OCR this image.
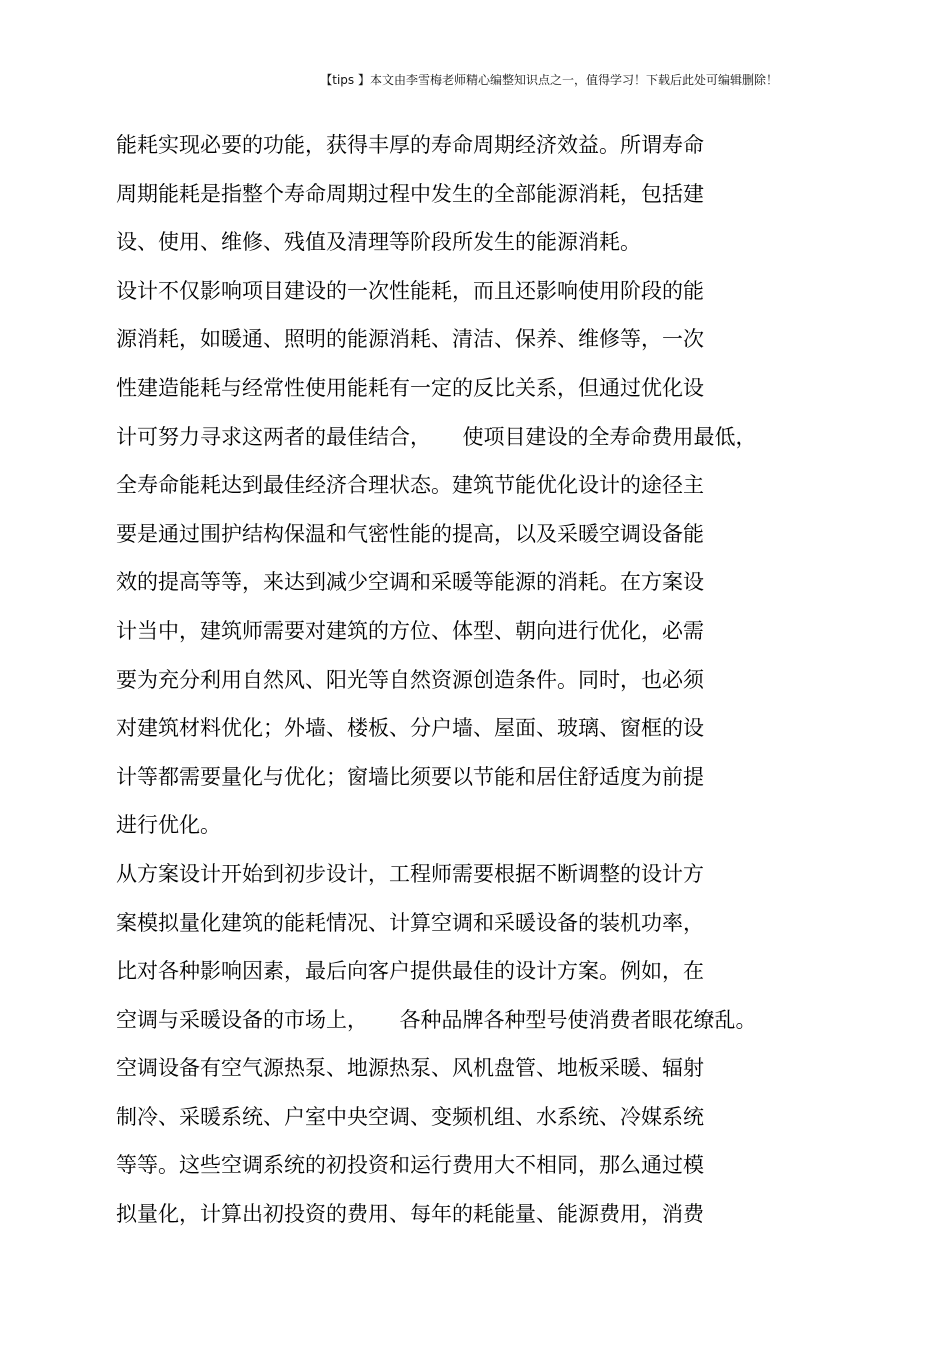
【tips 】本文由李雪梅老师精心编整知识点之一，值得学习！下载后此处可编辑删除！
能耗实现必要的功能，获得丰厚的寿命周期经济效益。所谓寿命
周期能耗是指整个寿命周期过程中发生的全部能源消耗，包括建
设、使用、维修、残值及清理等阶段所发生的能源消耗。
设计不仅影响项目建设的一次性能耗，而且还影响使用阶段的能
源消耗，如暖通、照明的能源消耗、清洁、保养、维修等，一次
性建造能耗与经常性使用能耗有一定的反比关系，但通过优化设
计可努力寻求这两者的最佳结合，　　使项目建设的全寿命费用最低，
全寿命能耗达到最佳经济合理状态。建筑节能优化设计的途径主
要是通过围护结构保温和气密性能的提高，以及采暖空调设备能
效的提高等等，来达到减少空调和采暖等能源的消耗。在方案设
计当中，建筑师需要对建筑的方位、体型、朝向进行优化，必需
要为充分利用自然风、阳光等自然资源创造条件。同时，也必须
对建筑材料优化；外墙、楼板、分户墙、屋面、玻璃、窗框的设
计等都需要量化与优化；窗墙比须要以节能和居住舒适度为前提
进行优化。
从方案设计开始到初步设计，工程师需要根据不断调整的设计方
案模拟量化建筑的能耗情况、计算空调和采暖设备的装机功率，
比对各种影响因素，最后向客户提供最佳的设计方案。例如，在
空调与采暖设备的市场上，　　各种品牌各种型号使消费者眼花缭乱。
空调设备有空气源热泵、地源热泵、风机盘管、地板采暖、辐射
制冷、采暖系统、户室中央空调、变频机组、水系统、冷媒系统
等等。这些空调系统的初投资和运行费用大不相同，那么通过模
拟量化，计算出初投资的费用、每年的耗能量、能源费用，消费
